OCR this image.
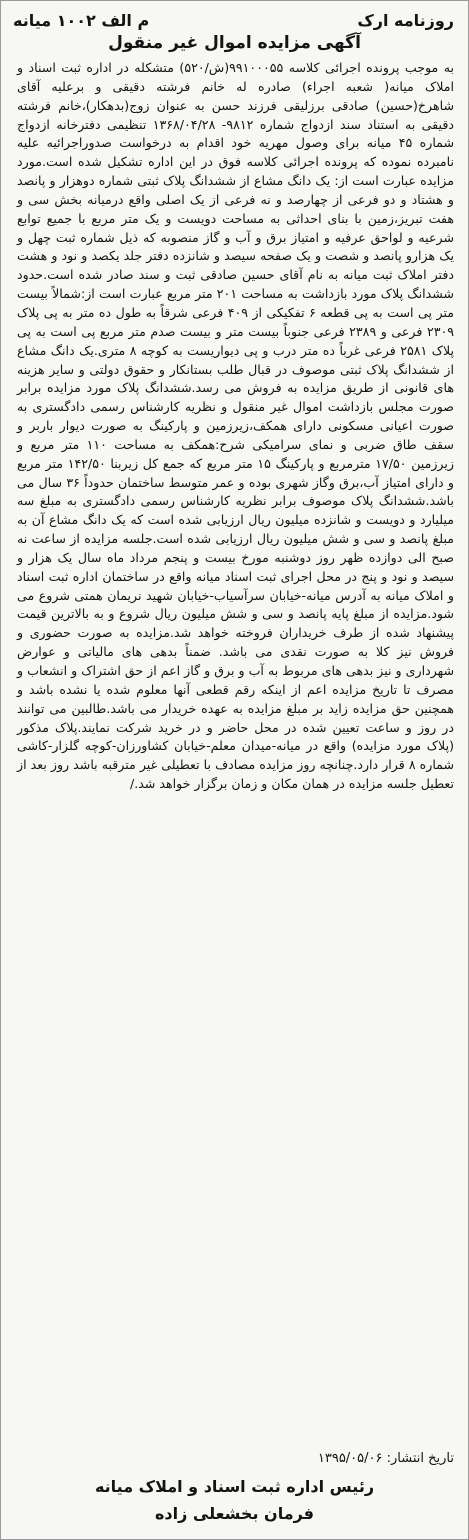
روزنامه ارک
م الف ۱۰۰۲ میانه
آگهی مزایده اموال غیر منقول

به موجب پرونده اجرائی کلاسه ۹۹۱۰۰۰۵۵(ش/۵۲۰) متشکله در اداره ثبت اسناد و املاک میانه( شعبه اجراء) صادره له خانم فرشته دقیقی و برعلیه آقای شاهرخ(حسین) صادقی برزلیقی فرزند حسن به عنوان زوج(بدهکار)،خانم فرشته دقیقی به استناد سند ازدواج شماره ۹۸۱۲- ۱۳۶۸/۰۴/۲۸ تنظیمی دفترخانه ازدواج شماره ۴۵ میانه برای وصول مهریه خود اقدام به درخواست صدوراجرائیه علیه نامبرده نموده که پرونده اجرائی کلاسه فوق در این اداره تشکیل شده است.مورد مزایده عبارت است از: یک دانگ مشاع از ششدانگ پلاک ثبتی شماره دوهزار و پانصد و هشتاد و دو فرعی از چهارصد و نه فرعی از یک اصلی واقع درمیانه بخش سی و هفت تبریز،زمین با بنای احداثی به مساحت دویست و یک متر مربع با جمیع توابع شرعیه و لواحق عرفیه و امتیاز برق و آب و گاز منصوبه که ذیل شماره ثبت چهل و یک هزارو پانصد و شصت و یک صفحه سیصد و شانزده دفتر جلد یکصد و نود و هشت دفتر املاک ثبت میانه به نام آقای حسین صادقی ثبت و سند صادر شده است.حدود ششدانگ پلاک مورد بازداشت به مساحت ۲۰۱ متر مربع عبارت است از:شمالاً بیست متر پی است به پی قطعه ۶ تفکیکی از ۴۰۹ فرعی شرقاً به طول ده متر به پی پلاک ۲۳۰۹ فرعی و ۲۳۸۹ فرعی جنوباً بیست متر و بیست صدم متر مربع پی است به پی پلاک ۲۵۸۱ فرعی غرباً ده متر درب و پی دیواریست به کوچه ۸ متری.یک دانگ مشاع از ششدانگ پلاک ثبتی موصوف در قبال طلب بستانکار و حقوق دولتی و سایر هزینه های قانونی از طریق مزایده به فروش می رسد.ششدانگ پلاک مورد مزایده برابر صورت مجلس بازداشت اموال غیر منقول و نظریه کارشناس رسمی دادگستری به صورت اعیانی مسکونی دارای همکف،زیرزمین و پارکینگ به صورت دیوار باربر و سقف طاق ضربی و نمای سرامیکی شرح:همکف به مساحت ۱۱۰ متر مربع و زیرزمین ۱۷/۵۰ مترمربع و پارکینگ ۱۵ متر مربع که جمع کل زیربنا ۱۴۲/۵۰ متر مربع و دارای امتیاز آب،برق وگاز شهری بوده و عمر متوسط ساختمان حدوداً ۳۶ سال می باشد.ششدانگ پلاک موصوف برابر نظریه کارشناس رسمی دادگستری به مبلغ سه میلیارد و دویست و شانزده میلیون ریال ارزیابی شده است که یک دانگ مشاع آن به مبلغ پانصد و سی و شش میلیون ریال ارزیابی شده است.جلسه مزایده از ساعت نه صبح الی دوازده ظهر روز دوشنبه مورخ بیست و پنجم مرداد ماه سال یک هزار و سیصد و نود و پنج در محل اجرای ثبت اسناد میانه واقع در ساختمان اداره ثبت اسناد و املاک میانه به آدرس میانه-خیابان سرآسیاب-خیابان شهید نریمان همتی شروع می شود.مزایده از مبلغ پایه پانصد و سی و شش میلیون ریال شروع و به بالاترین قیمت پیشنهاد شده از طرف خریداران فروخته خواهد شد.مزایده به صورت حضوری و فروش نیز کلا به صورت نقدی می باشد. ضمناً بدهی های مالیاتی و عوارض شهرداری و نیز بدهی های مربوط به آب و برق و گاز اعم از حق اشتراک و انشعاب و مصرف تا تاریخ مزایده اعم از اینکه رقم قطعی آنها معلوم شده یا نشده باشد و همچنین حق مزایده زاید بر مبلغ مزایده به عهده خریدار می باشد.طالبین می توانند در روز و ساعت تعیین شده در محل حاضر و در خرید شرکت نمایند.پلاک مذکور (پلاک مورد مزایده) واقع در میانه-میدان معلم-خیابان کشاورزان-کوچه گلزار-کاشی شماره ۸ قرار دارد.چنانچه روز مزایده مصادف با تعطیلی غیر مترقبه باشد روز بعد از تعطیل جلسه مزایده در همان مکان و زمان برگزار خواهد شد./

تاریخ انتشار: ۱۳۹۵/۰۵/۰۶
رئیس اداره ثبت اسناد و املاک میانه
فرمان بخشعلی زاده
